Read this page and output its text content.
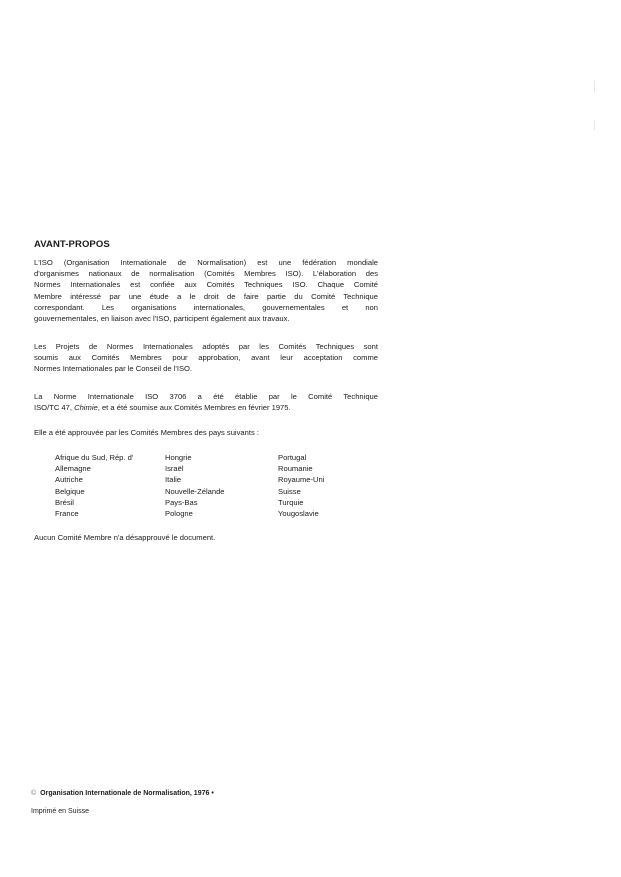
AVANT-PROPOS
L'ISO (Organisation Internationale de Normalisation) est une fédération mondiale
d'organismes nationaux de normalisation (Comités Membres ISO). L'élaboration des
Normes Internationales est confiée aux Comités Techniques ISO. Chaque Comité
Membre intéressé par une étude a le droit de faire partie du Comité Technique
correspondant. Les organisations internationales, gouvernementales et non
gouvernementales, en liaison avec l'ISO, participent également aux travaux.
Les Projets de Normes Internationales adoptés par les Comités Techniques sont
soumis aux Comités Membres pour approbation, avant leur acceptation comme
Normes Internationales par le Conseil de l'ISO.
La Norme Internationale ISO 3706 a été établie par le Comité Technique
ISO/TC 47, Chimie, et a été soumise aux Comités Membres en février 1975.
Elle a été approuvée par les Comités Membres des pays suivants :
Afrique du Sud, Rép. d'
Allemagne
Autriche
Belgique
Brésil
France
Hongrie
Israël
Italie
Nouvelle-Zélande
Pays-Bas
Pologne
Portugal
Roumanie
Royaume-Uni
Suisse
Turquie
Yougoslavie
Aucun Comité Membre n'a désapprouvé le document.
© Organisation Internationale de Normalisation, 1976 •
Imprimé en Suisse
